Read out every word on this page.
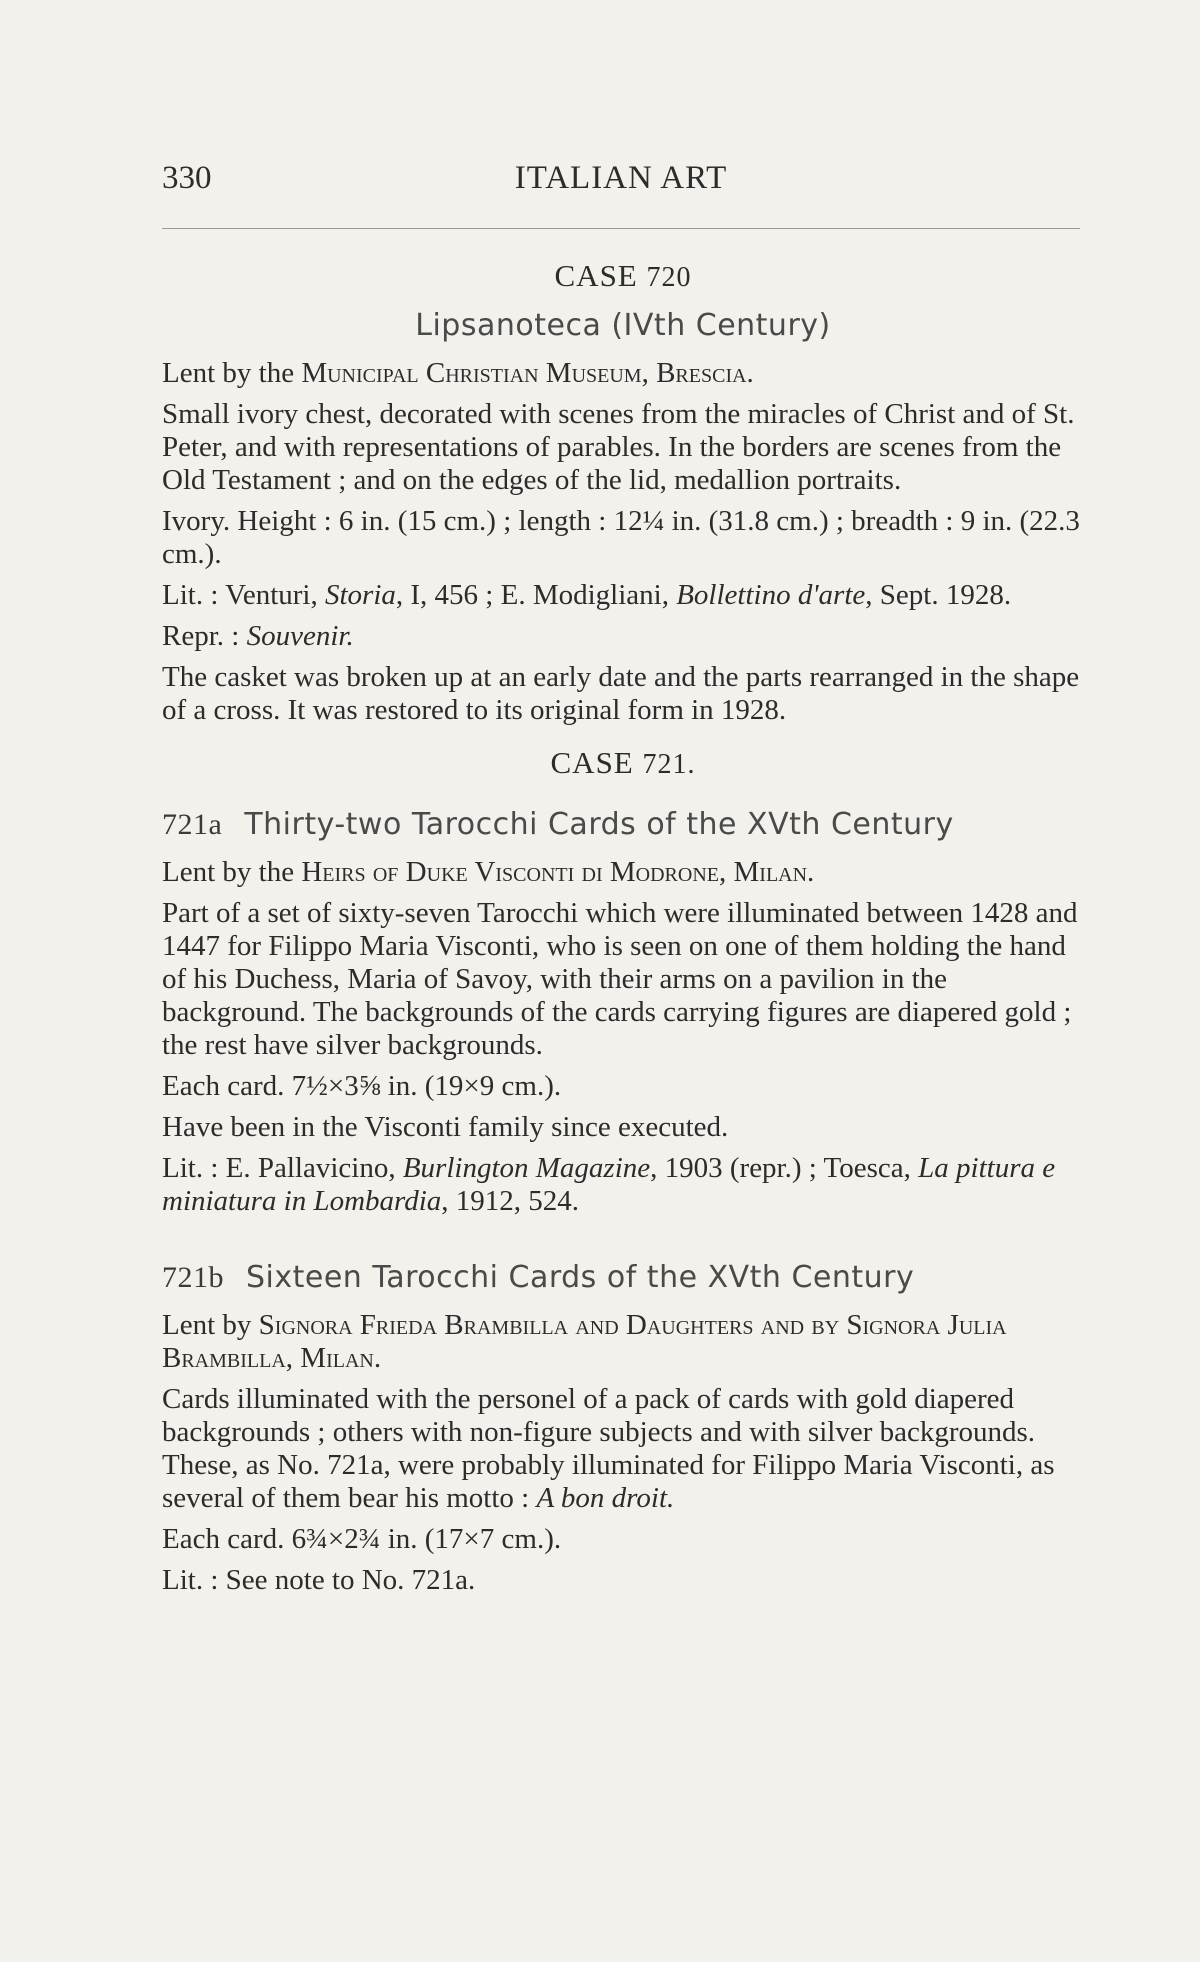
330	ITALIAN ART
CASE 720
Lipsanoteca (IVth Century)

Lent by the Municipal Christian Museum, Brescia.

Small ivory chest, decorated with scenes from the miracles of Christ and of St. Peter, and with representations of parables. In the borders are scenes from the Old Testament ; and on the edges of the lid, medallion portraits.

Ivory. Height : 6 in. (15 cm.) ; length : 12¼ in. (31.8 cm.) ; breadth : 9 in. (22.3 cm.).

Lit. : Venturi, Storia, I, 456 ; E. Modigliani, Bollettino d'arte, Sept. 1928.

Repr. : Souvenir.

The casket was broken up at an early date and the parts rearranged in the shape of a cross. It was restored to its original form in 1928.

CASE 721.
721a Thirty-two Tarocchi Cards of the XVth Century

Lent by the Heirs of Duke Visconti di Modrone, Milan.

Part of a set of sixty-seven Tarocchi which were illuminated between 1428 and 1447 for Filippo Maria Visconti, who is seen on one of them holding the hand of his Duchess, Maria of Savoy, with their arms on a pavilion in the background. The backgrounds of the cards carrying figures are diapered gold ; the rest have silver backgrounds.

Each card. 7½×3⅝ in. (19×9 cm.).

Have been in the Visconti family since executed.

Lit. : E. Pallavicino, Burlington Magazine, 1903 (repr.) ; Toesca, La pittura e miniatura in Lombardia, 1912, 524.

721b Sixteen Tarocchi Cards of the XVth Century

Lent by Signora Frieda Brambilla and Daughters and by Signora Julia Brambilla, Milan.

Cards illuminated with the personel of a pack of cards with gold diapered backgrounds ; others with non-figure subjects and with silver backgrounds. These, as No. 721a, were probably illuminated for Filippo Maria Visconti, as several of them bear his motto : A bon droit.

Each card. 6¾×2¾ in. (17×7 cm.).

Lit. : See note to No. 721a.
